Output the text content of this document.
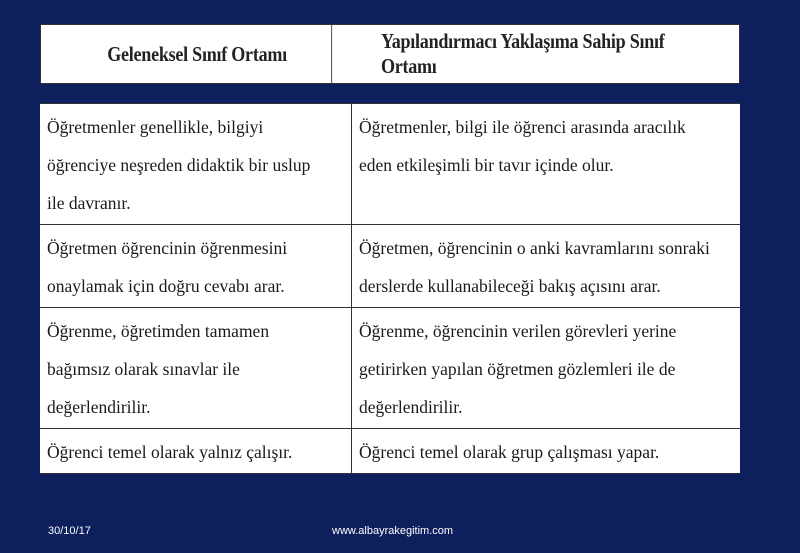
Geleneksel Sınıf Ortamı
Yapılandırmacı Yaklaşıma Sahip Sınıf Ortamı
Öğretmenler genellikle, bilgiyi
öğrenciye neşreden didaktik bir uslup
ile davranır.
Öğretmenler, bilgi ile öğrenci arasında aracılık
eden etkileşimli bir tavır içinde olur.
Öğretmen öğrencinin öğrenmesini
onaylamak için doğru cevabı arar.
Öğretmen, öğrencinin o anki kavramlarını sonraki
derslerde kullanabileceği bakış açısını arar.
Öğrenme, öğretimden tamamen
bağımsız olarak sınavlar ile
değerlendirilir.
Öğrenme, öğrencinin verilen görevleri yerine
getirirken yapılan öğretmen gözlemleri ile de
değerlendirilir.
Öğrenci temel olarak yalnız çalışır.	Öğrenci temel olarak grup çalışması yapar.
30/10/17	www.albayrakegitim.com
